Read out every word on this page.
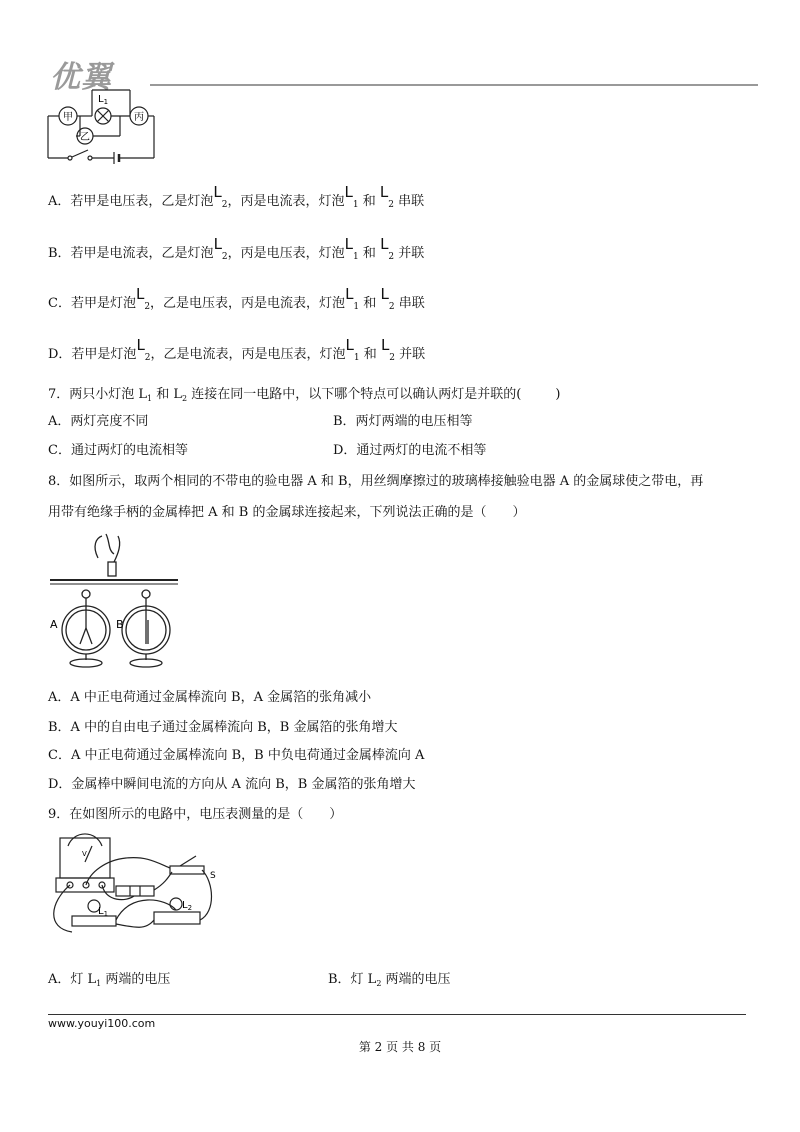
优翼
甲
乙
丙
$L_1$
A．若甲是电压表，乙是灯泡L2，丙是电流表，灯泡L1 和 L2 串联
B．若甲是电流表，乙是灯泡L2，丙是电压表，灯泡L1 和 L2 并联
C．若甲是灯泡L2，乙是电压表，丙是电流表，灯泡L1 和 L2 串联
D．若甲是灯泡L2，乙是电流表，丙是电压表，灯泡L1 和 L2 并联
7．两只小灯泡 $L_1$ 和 $L_2$ 连接在同一电路中，以下哪个特点可以确认两灯是并联的(	)
A．两灯亮度不同	B．两灯两端的电压相等
C．通过两灯的电流相等	D．通过两灯的电流不相等
8．如图所示，取两个相同的不带电的验电器 A 和 B，用丝绸摩擦过的玻璃棒接触验电器 A 的金属球使之带电，再
用带有绝缘手柄的金属棒把 A 和 B 的金属球连接起来，下列说法正确的是（　　）
A	B
A．A 中正电荷通过金属棒流向 B，A 金属箔的张角减小
B．A 中的自由电子通过金属棒流向 B，B 金属箔的张角增大
C．A 中正电荷通过金属棒流向 B，B 中负电荷通过金属棒流向 A
D．金属棒中瞬间电流的方向从 A 流向 B，B 金属箔的张角增大
9．在如图所示的电路中，电压表测量的是（　　）
V
S
$L_1$
$L_2$
A．灯 $L_1$ 两端的电压	B．灯 $L_2$ 两端的电压
www.youyi100.com
第 2 页 共 8 页
